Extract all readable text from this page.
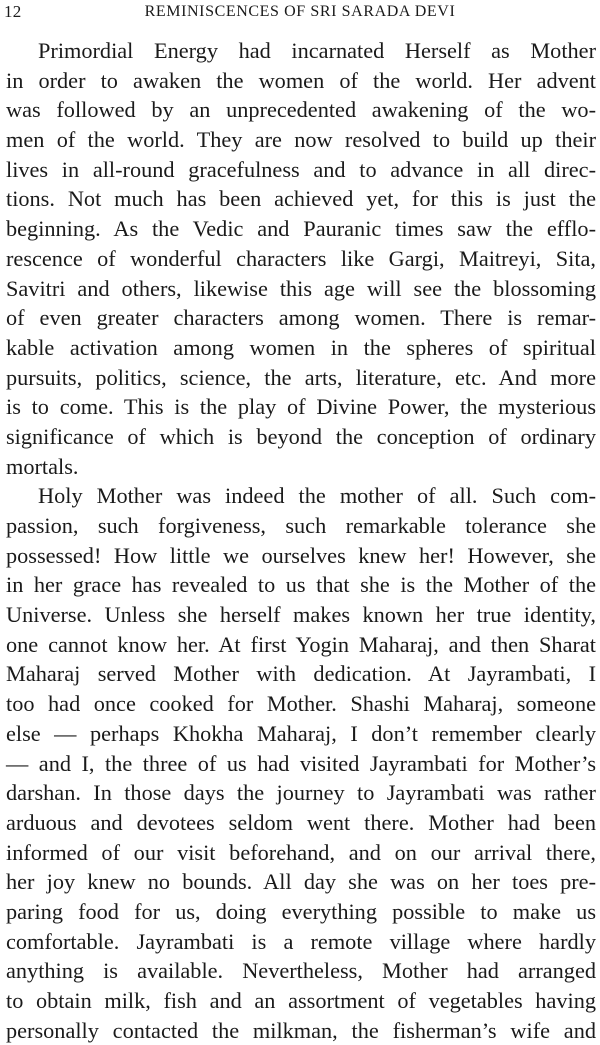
12	REMINISCENCES OF SRI SARADA DEVI
Primordial Energy had incarnated Herself as Mother
in order to awaken the women of the world. Her advent
was followed by an unprecedented awakening of the wo-
men of the world. They are now resolved to build up their
lives in all-round gracefulness and to advance in all direc-
tions. Not much has been achieved yet, for this is just the
beginning. As the Vedic and Pauranic times saw the efflo-
rescence of wonderful characters like Gargi, Maitreyi, Sita,
Savitri and others, likewise this age will see the blossoming
of even greater characters among women. There is remar-
kable activation among women in the spheres of spiritual
pursuits, politics, science, the arts, literature, etc. And more
is to come. This is the play of Divine Power, the mysterious
significance of which is beyond the conception of ordinary
mortals.
Holy Mother was indeed the mother of all. Such com-
passion, such forgiveness, such remarkable tolerance she
possessed! How little we ourselves knew her! However, she
in her grace has revealed to us that she is the Mother of the
Universe. Unless she herself makes known her true identity,
one cannot know her. At first Yogin Maharaj, and then Sharat
Maharaj served Mother with dedication. At Jayrambati, I
too had once cooked for Mother. Shashi Maharaj, someone
else — perhaps Khokha Maharaj, I don’t remember clearly
— and I, the three of us had visited Jayrambati for Mother’s
darshan. In those days the journey to Jayrambati was rather
arduous and devotees seldom went there. Mother had been
informed of our visit beforehand, and on our arrival there,
her joy knew no bounds. All day she was on her toes pre-
paring food for us, doing everything possible to make us
comfortable. Jayrambati is a remote village where hardly
anything is available. Nevertheless, Mother had arranged
to obtain milk, fish and an assortment of vegetables having
personally contacted the milkman, the fisherman’s wife and
